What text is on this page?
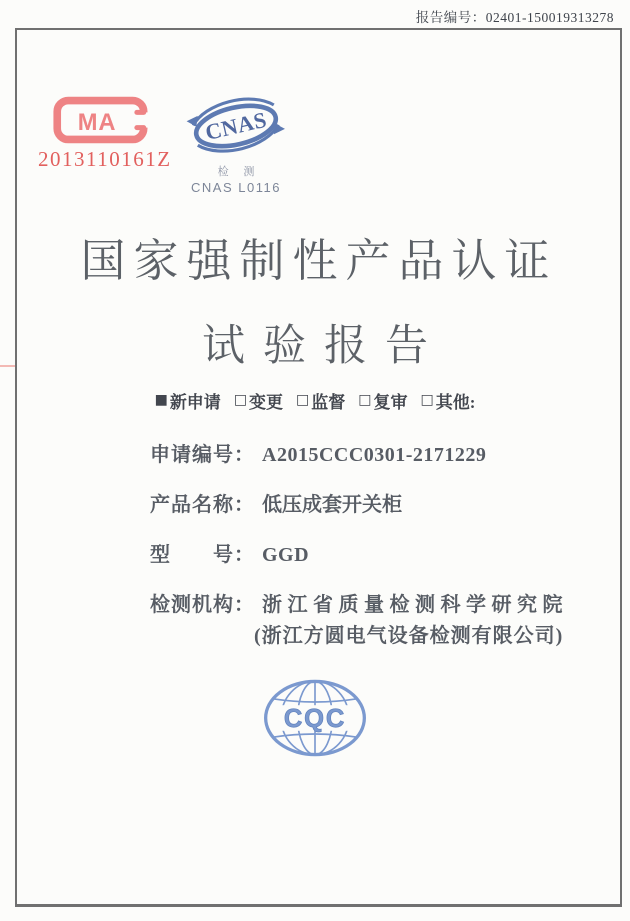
报告编号：02401-150019313278
MA
2013110161Z
CNAS
检 测
CNAS L0116
国家强制性产品认证
试验报告
■ 新申请 □ 变更 □ 监督 □ 复审 □ 其他:
申请编号： A2015CCC0301-2171229
产品名称： 低压成套开关柜
型　　号： GGD
检测机构： 浙江省质量检测科学研究院
(浙江方圆电气设备检测有限公司)
CQC
